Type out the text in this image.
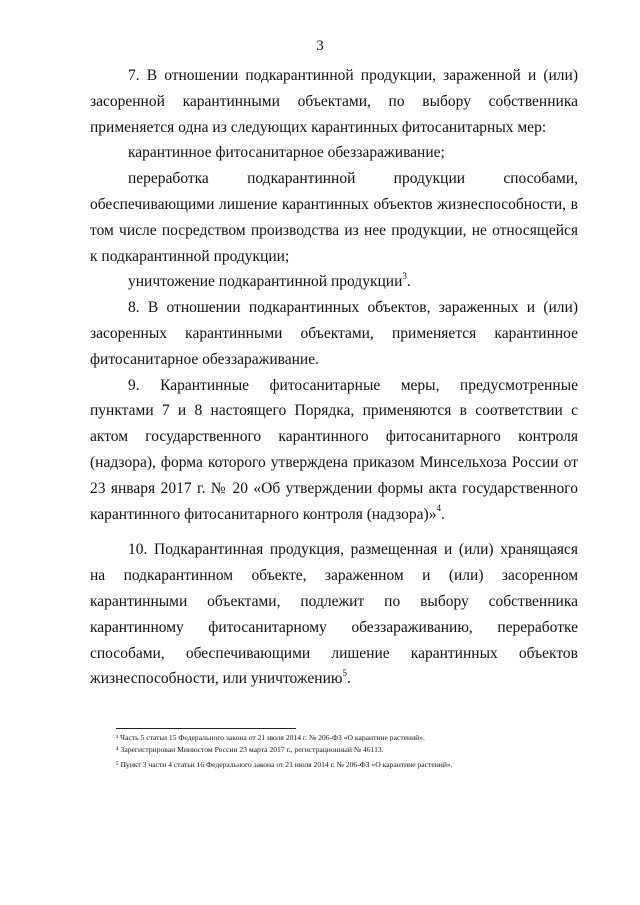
3

7. В отношении подкарантинной продукции, зараженной и (или) засоренной карантинными объектами, по выбору собственника применяется одна из следующих карантинных фитосанитарных мер:

карантинное фитосанитарное обеззараживание;

переработка подкарантинной продукции способами, обеспечивающими лишение карантинных объектов жизнеспособности, в том числе посредством производства из нее продукции, не относящейся к подкарантинной продукции;

уничтожение подкарантинной продукции$^3$.

8. В отношении подкарантинных объектов, зараженных и (или) засоренных карантинными объектами, применяется карантинное фитосанитарное обеззараживание.

9. Карантинные фитосанитарные меры, предусмотренные пунктами 7 и 8 настоящего Порядка, применяются в соответствии с актом государственного карантинного фитосанитарного контроля (надзора), форма которого утверждена приказом Минсельхоза России от 23 января 2017 г. № 20 «Об утверждении формы акта государственного карантинного фитосанитарного контроля (надзора)»$^4$.

10. Подкарантинная продукция, размещенная и (или) хранящаяся на подкарантинном объекте, зараженном и (или) засоренном карантинными объектами, подлежит по выбору собственника карантинному фитосанитарному обеззараживанию, переработке способами, обеспечивающими лишение карантинных объектов жизнеспособности, или уничтожению$^5$.

³ Часть 5 статьи 15 Федерального закона от 21 июля 2014 г. № 206-ФЗ «О карантине растений».
⁴ Зарегистрирован Минюстом России 23 марта 2017 г., регистрационный № 46113.
⁵ Пункт 3 части 4 статьи 16 Федерального закона от 21 июля 2014 г. № 206-ФЗ «О карантине растений».
